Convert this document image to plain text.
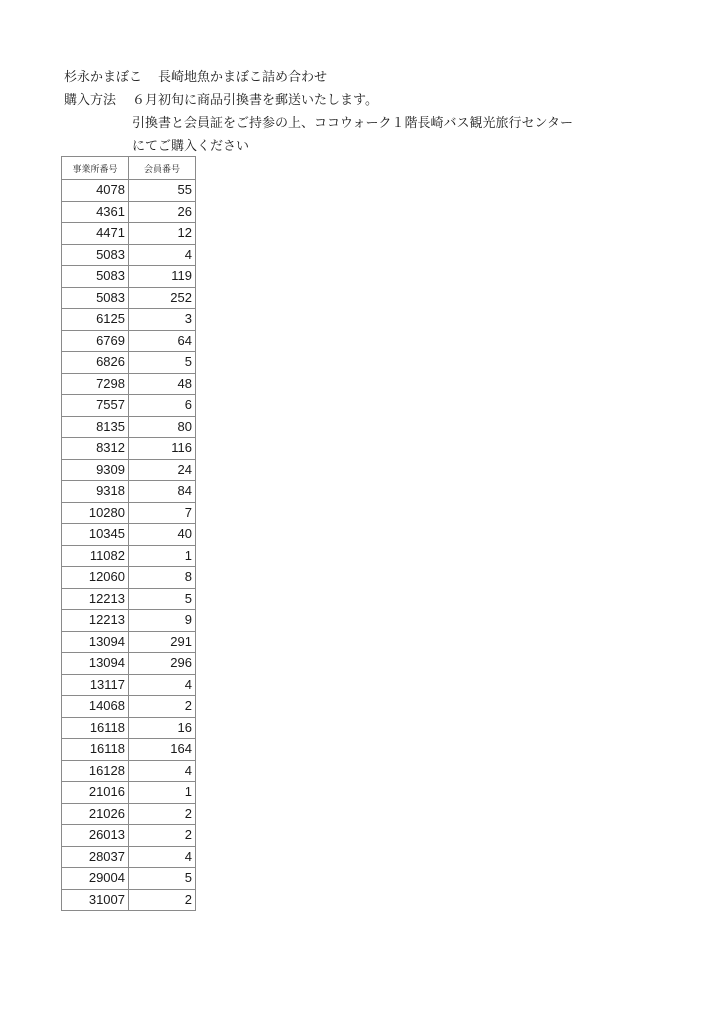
杉永かまぼこ 長崎地魚かまぼこ詰め合わせ
購入方法 ６月初旬に商品引換書を郵送いたします。
引換書と会員証をご持参の上、ココウォーク１階長崎バス観光旅行センター
にてご購入ください
事業所番号	会員番号
4078	55
4361	26
4471	12
5083	4
5083	119
5083	252
6125	3
6769	64
6826	5
7298	48
7557	6
8135	80
8312	116
9309	24
9318	84
10280	7
10345	40
11082	1
12060	8
12213	5
12213	9
13094	291
13094	296
13117	4
14068	2
16118	16
16118	164
16128	4
21016	1
21026	2
26013	2
28037	4
29004	5
31007	2
